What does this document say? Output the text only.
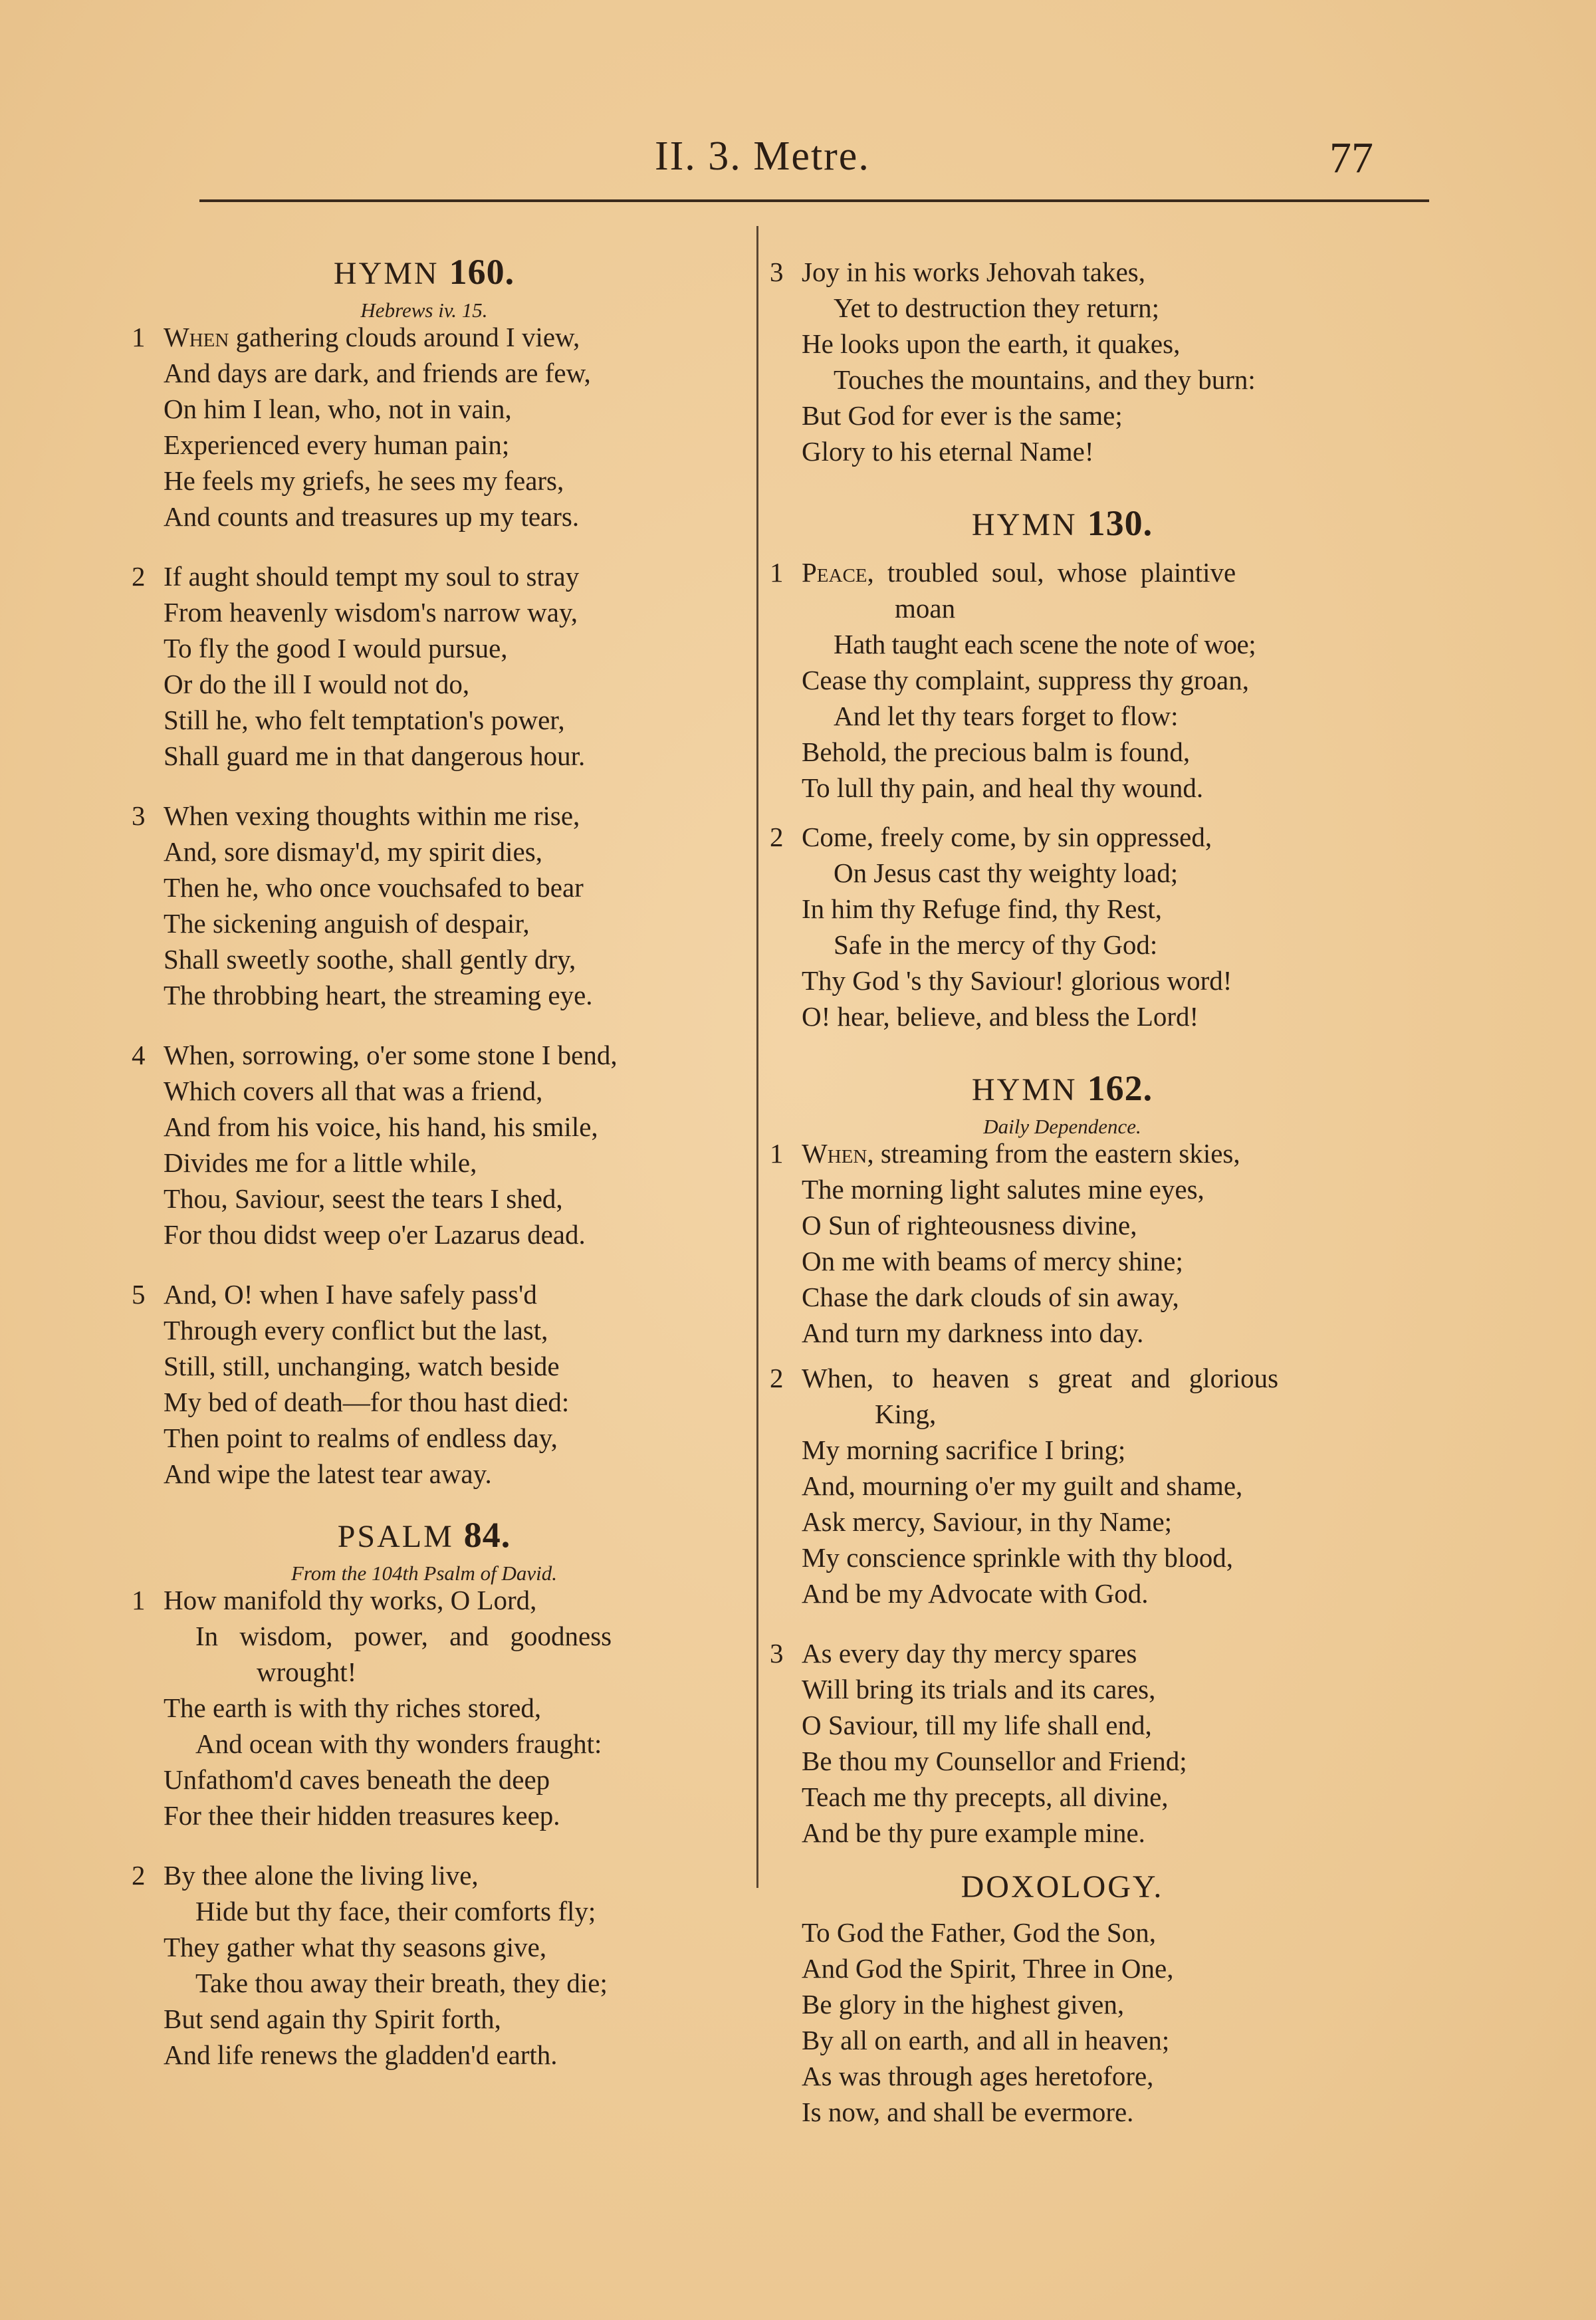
II. 3. Metre.	77
HYMN 160.
Hebrews iv. 15.
1 When gathering clouds around I view,
And days are dark, and friends are few,
On him I lean, who, not in vain,
Experienced every human pain;
He feels my griefs, he sees my fears,
And counts and treasures up my tears.
2 If aught should tempt my soul to stray
From heavenly wisdom's narrow way,
To fly the good I would pursue,
Or do the ill I would not do,
Still he, who felt temptation's power,
Shall guard me in that dangerous hour.
3 When vexing thoughts within me rise,
And, sore dismay'd, my spirit dies,
Then he, who once vouchsafed to bear
The sickening anguish of despair,
Shall sweetly soothe, shall gently dry,
The throbbing heart, the streaming eye.
4 When, sorrowing, o'er some stone I bend,
Which covers all that was a friend,
And from his voice, his hand, his smile,
Divides me for a little while,
Thou, Saviour, seest the tears I shed,
For thou didst weep o'er Lazarus dead.
5 And, O! when I have safely pass'd
Through every conflict but the last,
Still, still, unchanging, watch beside
My bed of death—for thou hast died:
Then point to realms of endless day,
And wipe the latest tear away.
PSALM 84.
From the 104th Psalm of David.
1 How manifold thy works, O Lord,
In wisdom, power, and goodness
wrought!
The earth is with thy riches stored,
And ocean with thy wonders fraught:
Unfathom'd caves beneath the deep
For thee their hidden treasures keep.
2 By thee alone the living live,
Hide but thy face, their comforts fly;
They gather what thy seasons give,
Take thou away their breath, they die;
But send again thy Spirit forth,
And life renews the gladden'd earth.
3 Joy in his works Jehovah takes,
Yet to destruction they return;
He looks upon the earth, it quakes,
Touches the mountains, and they burn:
But God for ever is the same;
Glory to his eternal Name!
HYMN 130.
1 Peace, troubled soul, whose plaintive
moan
Hath taught each scene the note of woe;
Cease thy complaint, suppress thy groan,
And let thy tears forget to flow:
Behold, the precious balm is found,
To lull thy pain, and heal thy wound.
2 Come, freely come, by sin oppressed,
On Jesus cast thy weighty load;
In him thy Refuge find, thy Rest,
Safe in the mercy of thy God:
Thy God 's thy Saviour! glorious word!
O! hear, believe, and bless the Lord!
HYMN 162.
Daily Dependence.
1 When, streaming from the eastern skies,
The morning light salutes mine eyes,
O Sun of righteousness divine,
On me with beams of mercy shine;
Chase the dark clouds of sin away,
And turn my darkness into day.
2 When, to heaven s great and glorious
King,
My morning sacrifice I bring;
And, mourning o'er my guilt and shame,
Ask mercy, Saviour, in thy Name;
My conscience sprinkle with thy blood,
And be my Advocate with God.
3 As every day thy mercy spares
Will bring its trials and its cares,
O Saviour, till my life shall end,
Be thou my Counsellor and Friend;
Teach me thy precepts, all divine,
And be thy pure example mine.
DOXOLOGY.
To God the Father, God the Son,
And God the Spirit, Three in One,
Be glory in the highest given,
By all on earth, and all in heaven;
As was through ages heretofore,
Is now, and shall be evermore.
